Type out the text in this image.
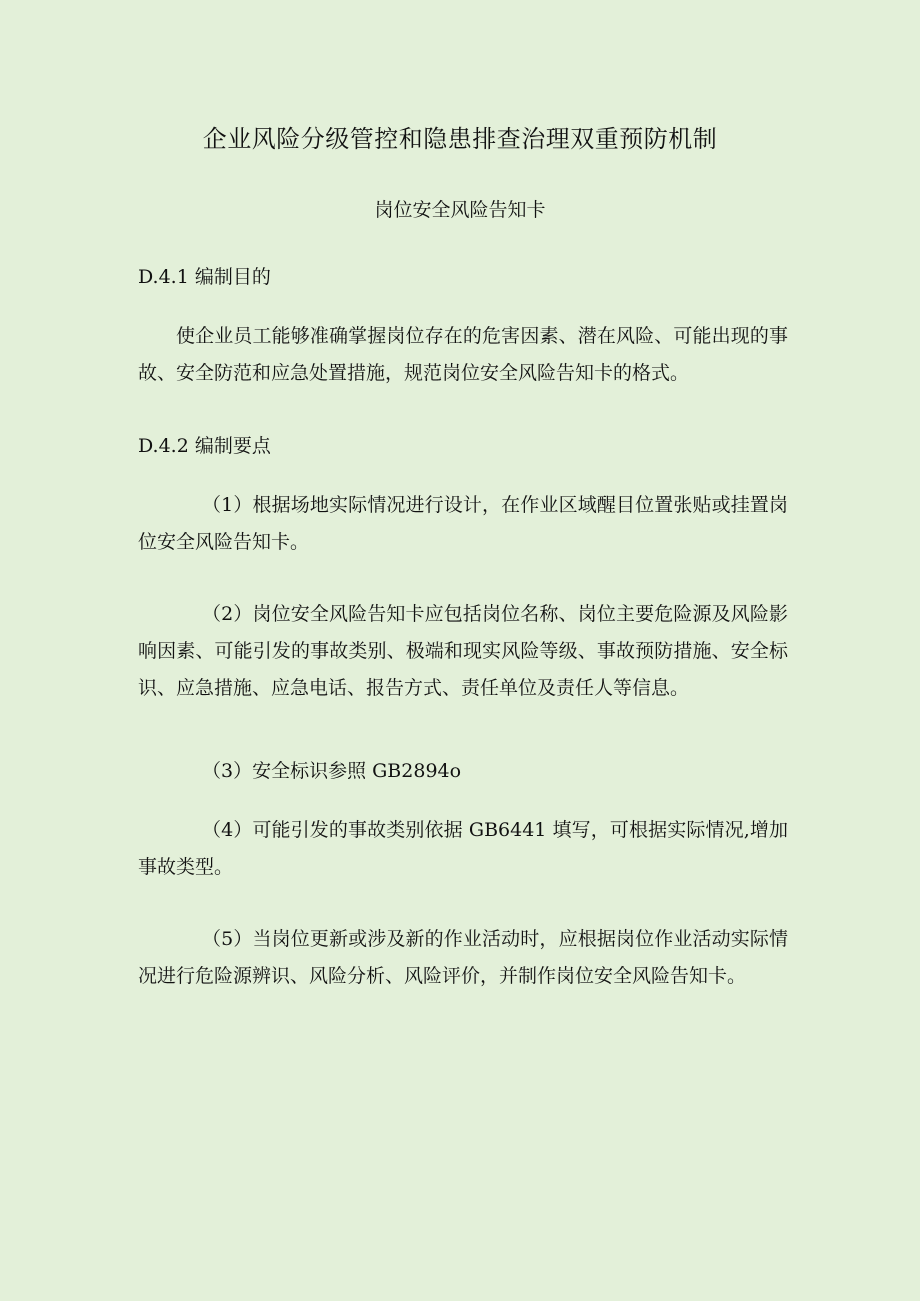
企业风险分级管控和隐患排查治理双重预防机制
岗位安全风险告知卡
D.4.1 编制目的
使企业员工能够准确掌握岗位存在的危害因素、潜在风险、可能出现的事故、安全防范和应急处置措施，规范岗位安全风险告知卡的格式。
D.4.2 编制要点
（1）根据场地实际情况进行设计，在作业区域醒目位置张贴或挂置岗位安全风险告知卡。
（2）岗位安全风险告知卡应包括岗位名称、岗位主要危险源及风险影响因素、可能引发的事故类别、极端和现实风险等级、事故预防措施、安全标识、应急措施、应急电话、报告方式、责任单位及责任人等信息。
（3）安全标识参照 GB2894o
（4）可能引发的事故类别依据 GB6441 填写，可根据实际情况,增加事故类型。
（5）当岗位更新或涉及新的作业活动时，应根据岗位作业活动实际情况进行危险源辨识、风险分析、风险评价，并制作岗位安全风险告知卡。
